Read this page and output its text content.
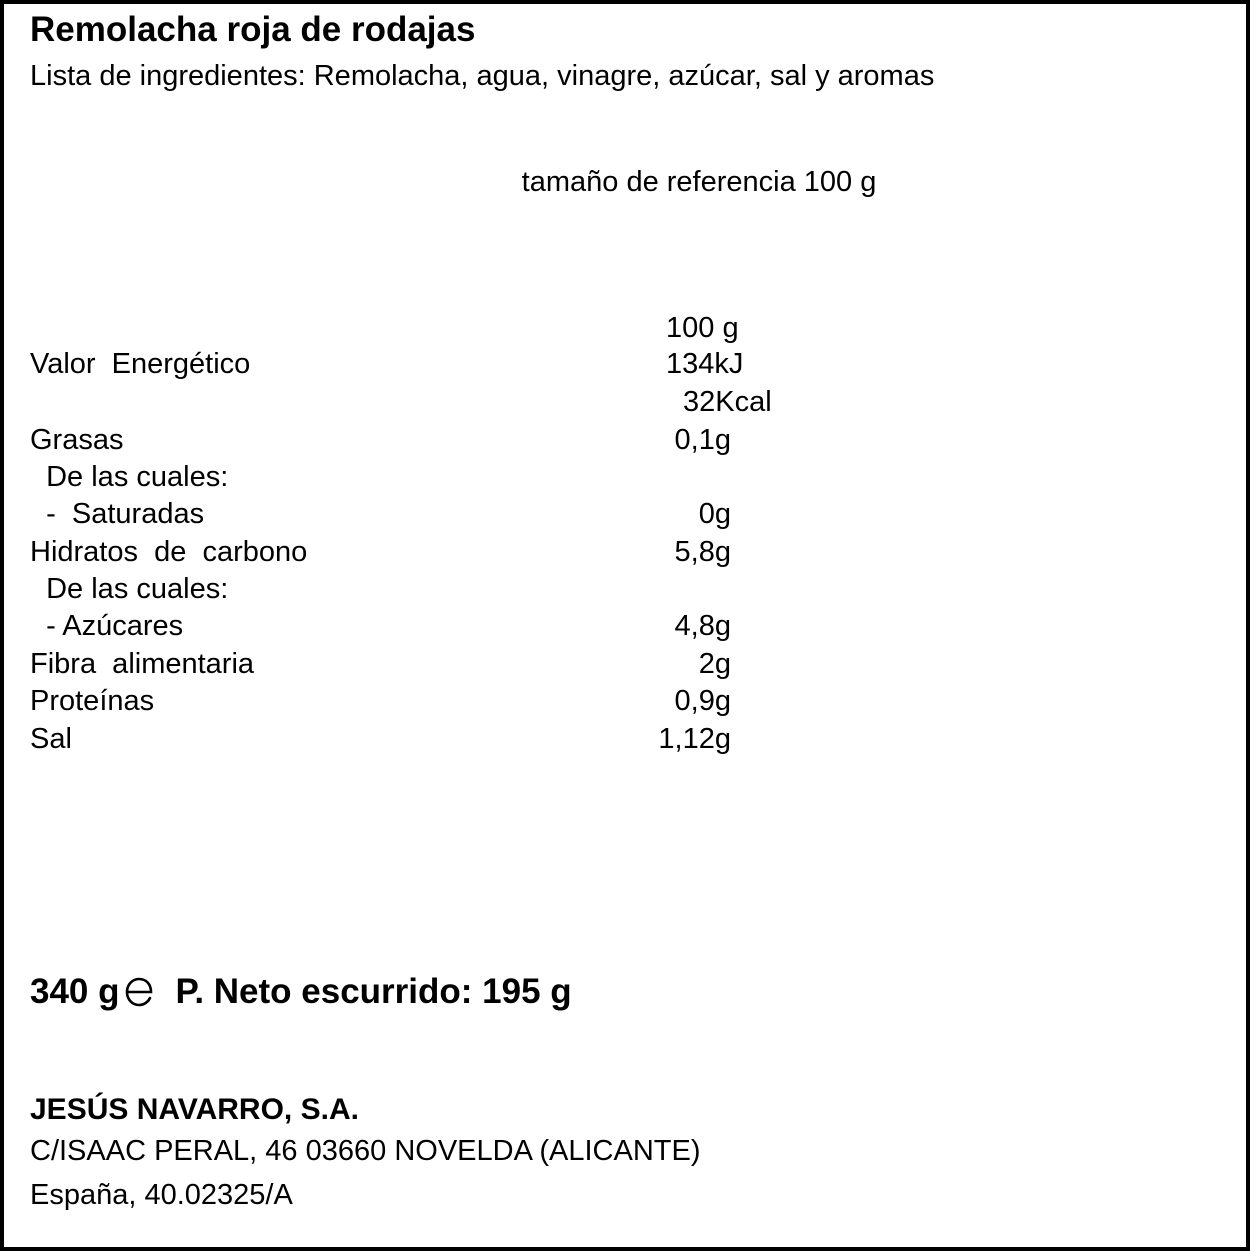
Remolacha roja de rodajas
Lista de ingredientes: Remolacha, agua, vinagre, azúcar, sal y aromas
tamaño de referencia 100 g
100 g
Valor  Energético	134kJ
32Kcal
Grasas	0,1g
De las cuales:
-  Saturadas	0g
Hidratos  de  carbono	5,8g
De las cuales:
- Azúcares	4,8g
Fibra  alimentaria	2g
Proteínas	0,9g
Sal	1,12g
340 g P. Neto escurrido: 195 g
JESÚS NAVARRO, S.A.
C/ISAAC PERAL, 46 03660 NOVELDA (ALICANTE)
España, 40.02325/A
